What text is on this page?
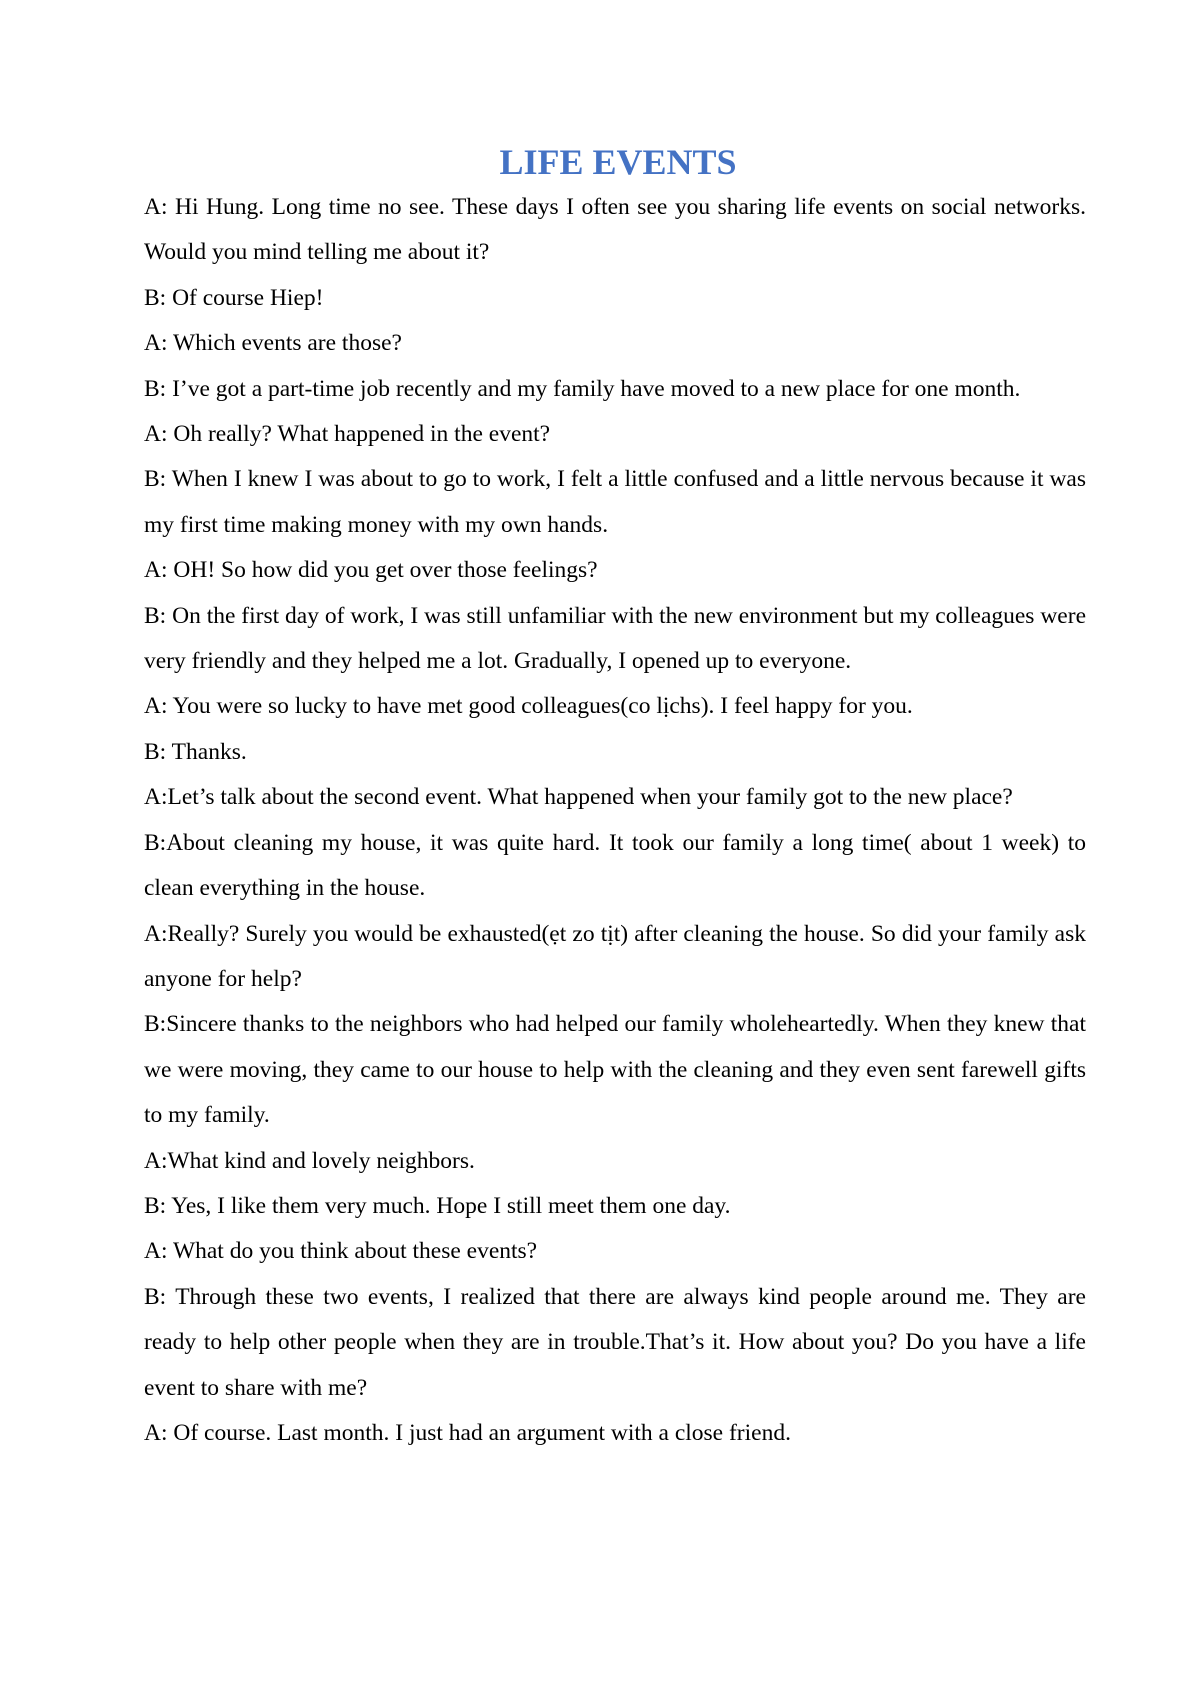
LIFE EVENTS

A: Hi Hung. Long time no see. These days I often see you sharing life events on social networks. Would you mind telling me about it?

B: Of course Hiep!

A: Which events are those?

B: I’ve got a part-time job recently and my family have moved to a new place for one month.

A: Oh really? What happened in the event?

B: When I knew I was about to go to work, I felt a little confused and a little nervous because it was my first time making money with my own hands.

A: OH! So how did you get over those feelings?

B: On the first day of work, I was still unfamiliar with the new environment but my colleagues were very friendly and they helped me a lot. Gradually, I opened up to everyone.

A: You were so lucky to have met good colleagues(co lịchs). I feel happy for you.

B: Thanks.

A:Let’s talk about the second event. What happened when your family got to the new place?

B:About cleaning my house, it was quite hard. It took our family a long time( about 1 week) to clean everything in the house.

A:Really? Surely you would be exhausted(ẹt zo tịt) after cleaning the house. So did your family ask anyone for help?

B:Sincere thanks to the neighbors who had helped our family wholeheartedly. When they knew that we were moving, they came to our house to help with the cleaning and they even sent farewell gifts to my family.

A:What kind and lovely neighbors.

B: Yes, I like them very much. Hope I still meet them one day.

A: What do you think about these events?

B: Through these two events, I realized that there are always kind people around me. They are ready to help other people when they are in trouble.That’s it. How about you? Do you have a life event to share with me?

A: Of course. Last month. I just had an argument with a close friend.
